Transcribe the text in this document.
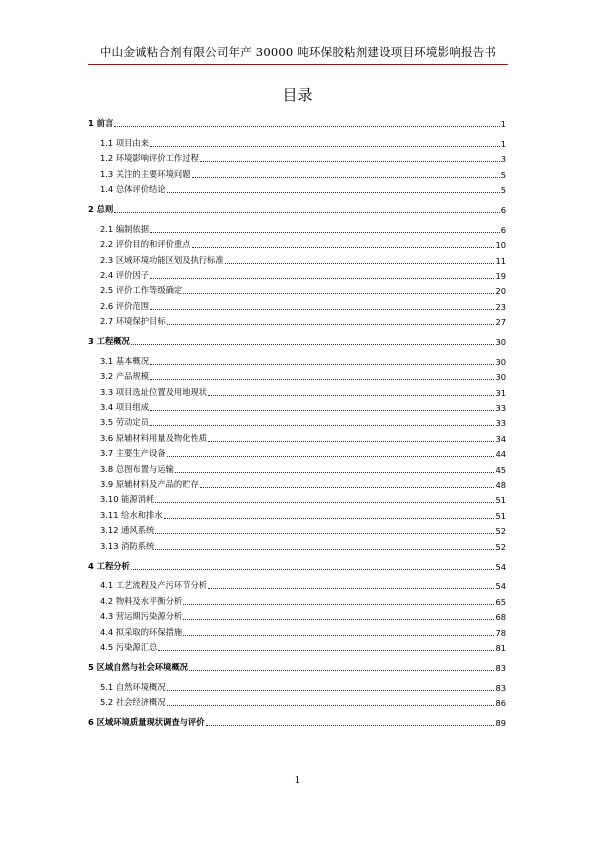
中山金诚粘合剂有限公司年产 30000 吨环保胶粘剂建设项目环境影响报告书
目录
1 前言	1
1.1 项目由来	1
1.2 环境影响评价工作过程	3
1.3 关注的主要环境问题	5
1.4 总体评价结论	5
2 总则	6
2.1 编制依据	6
2.2 评价目的和评价重点	10
2.3 区域环境功能区划及执行标准	11
2.4 评价因子	19
2.5 评价工作等级确定	20
2.6 评价范围	23
2.7 环境保护目标	27
3 工程概况	30
3.1 基本概况	30
3.2 产品规模	30
3.3 项目选址位置及用地现状	31
3.4 项目组成	33
3.5 劳动定员	33
3.6 原辅材料用量及物化性质	34
3.7 主要生产设备	44
3.8 总图布置与运输	45
3.9 原辅材料及产品的贮存	48
3.10 能源消耗	51
3.11 给水和排水	51
3.12 通风系统	52
3.13 消防系统	52
4 工程分析	54
4.1 工艺流程及产污环节分析	54
4.2 物料及水平衡分析	65
4.3 营运期污染源分析	68
4.4 拟采取的环保措施	78
4.5 污染源汇总	81
5 区域自然与社会环境概况	83
5.1 自然环境概况	83
5.2 社会经济概况	86
6 区域环境质量现状调查与评价	89
1
